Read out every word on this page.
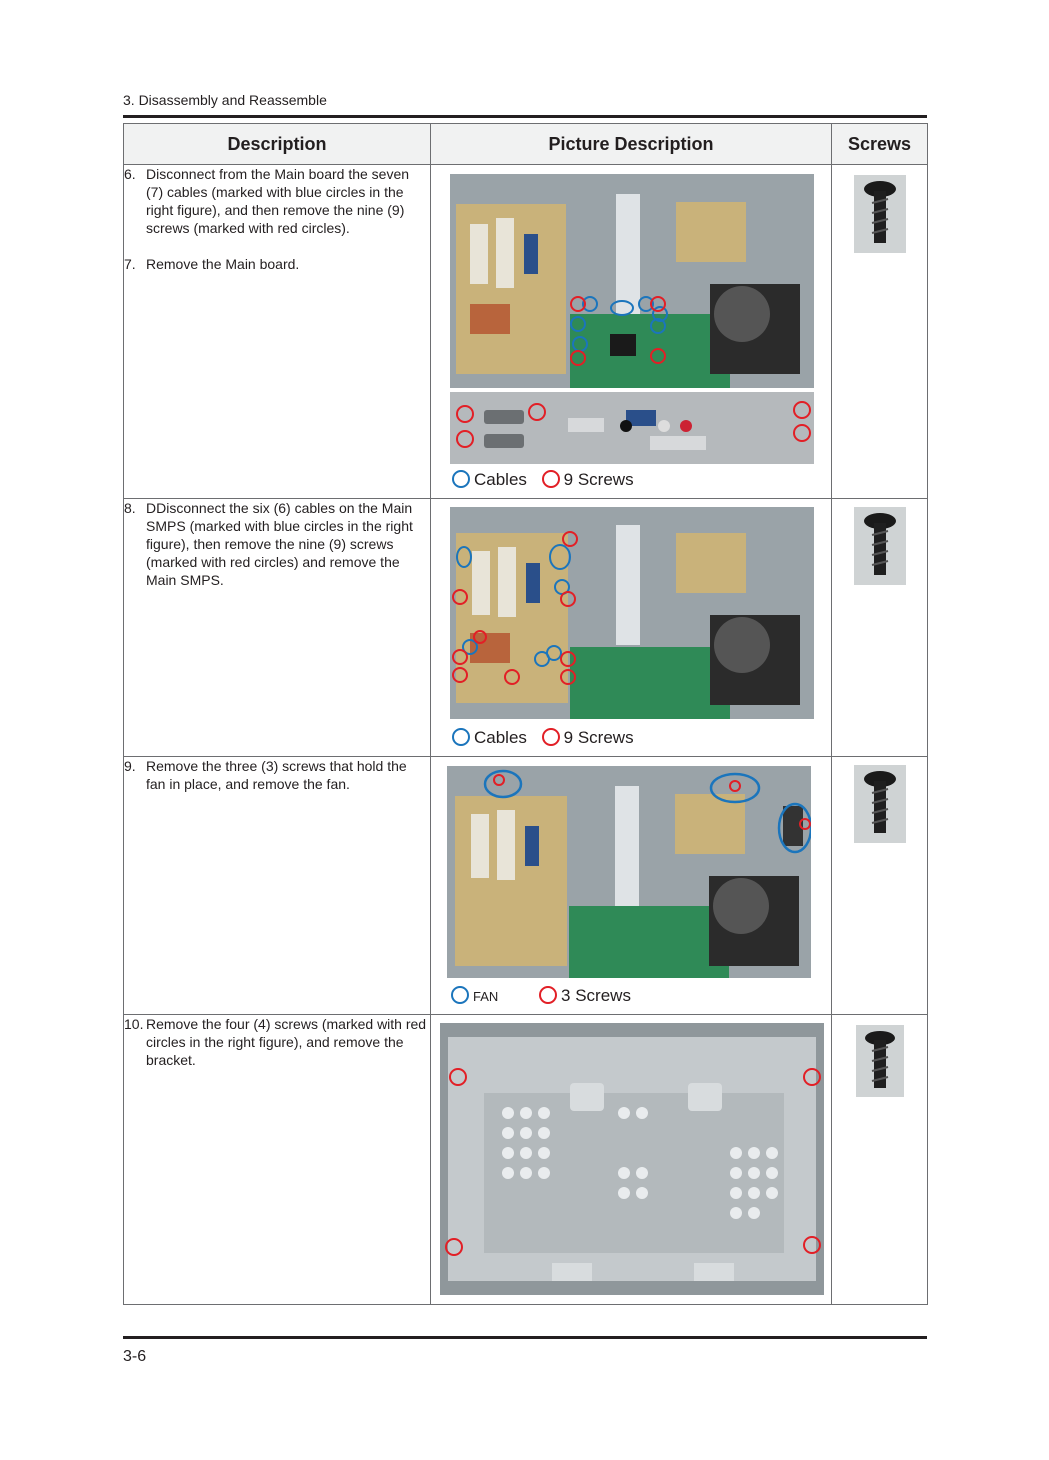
3. Disassembly and Reassemble
Description	Picture Description	Screws

6. Disconnect from the Main board the seven (7) cables (marked with blue circles in the right figure), and then remove the nine (9) screws (marked with red circles).
7. Remove the Main board.	Cables 9 Screws

8. DDisconnect the six (6) cables on the Main SMPS (marked with blue circles in the right figure), then remove the nine (9) screws (marked with red circles) and remove the Main SMPS.	Cables 9 Screws

9. Remove the three (3) screws that hold the fan in place, and remove the fan.	FAN 3 Screws

10. Remove the four (4) screws (marked with red circles in the right figure), and remove the bracket.

3-6
